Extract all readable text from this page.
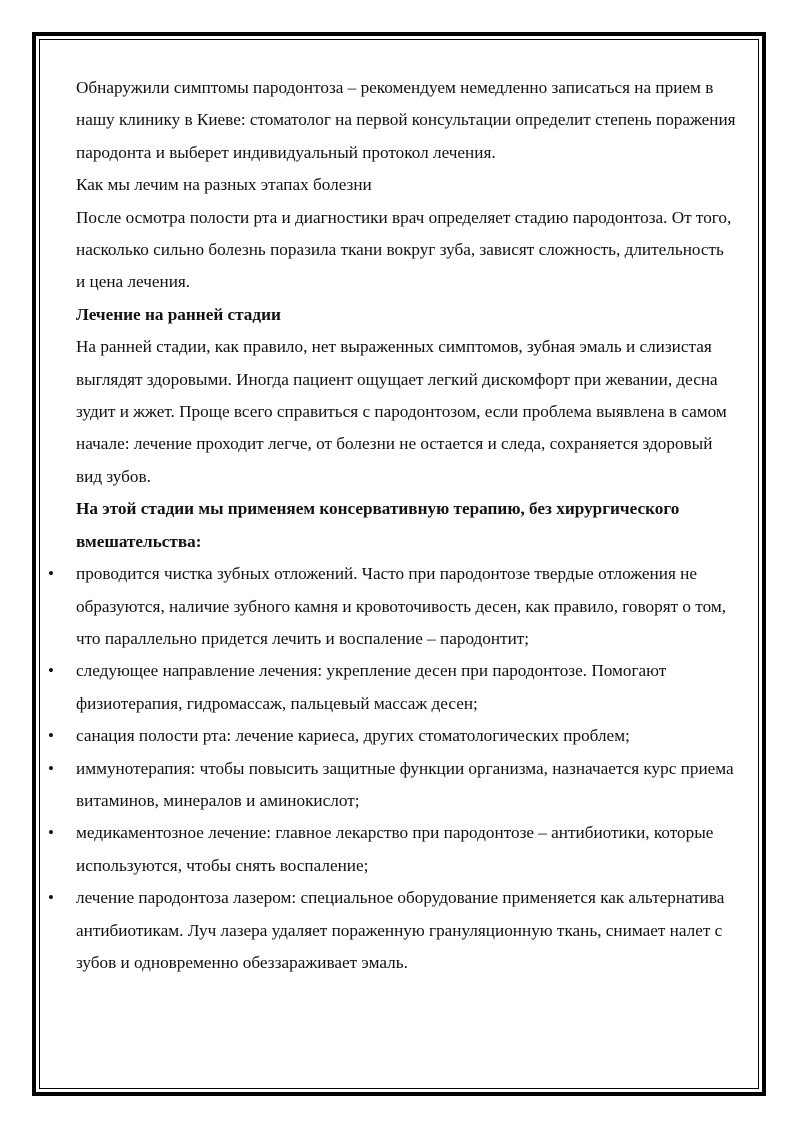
Обнаружили симптомы пародонтоза – рекомендуем немедленно записаться на прием в нашу клинику в Киеве: стоматолог на первой консультации определит степень поражения пародонта и выберет индивидуальный протокол лечения.

Как мы лечим на разных этапах болезни

После осмотра полости рта и диагностики врач определяет стадию пародонтоза. От того, насколько сильно болезнь поразила ткани вокруг зуба, зависят сложность, длительность и цена лечения.

Лечение на ранней стадии

На ранней стадии, как правило, нет выраженных симптомов, зубная эмаль и слизистая выглядят здоровыми. Иногда пациент ощущает легкий дискомфорт при жевании, десна зудит и жжет. Проще всего справиться с пародонтозом, если проблема выявлена в самом начале: лечение проходит легче, от болезни не остается и следа, сохраняется здоровый вид зубов.

На этой стадии мы применяем консервативную терапию, без хирургического вмешательства:

• проводится чистка зубных отложений. Часто при пародонтозе твердые отложения не образуются, наличие зубного камня и кровоточивость десен, как правило, говорят о том, что параллельно придется лечить и воспаление – пародонтит;
• следующее направление лечения: укрепление десен при пародонтозе. Помогают физиотерапия, гидромассаж, пальцевый массаж десен;
• санация полости рта: лечение кариеса, других стоматологических проблем;
• иммунотерапия: чтобы повысить защитные функции организма, назначается курс приема витаминов, минералов и аминокислот;
• медикаментозное лечение: главное лекарство при пародонтозе – антибиотики, которые используются, чтобы снять воспаление;
• лечение пародонтоза лазером: специальное оборудование применяется как альтернатива антибиотикам. Луч лазера удаляет пораженную грануляционную ткань, снимает налет с зубов и одновременно обеззараживает эмаль.
